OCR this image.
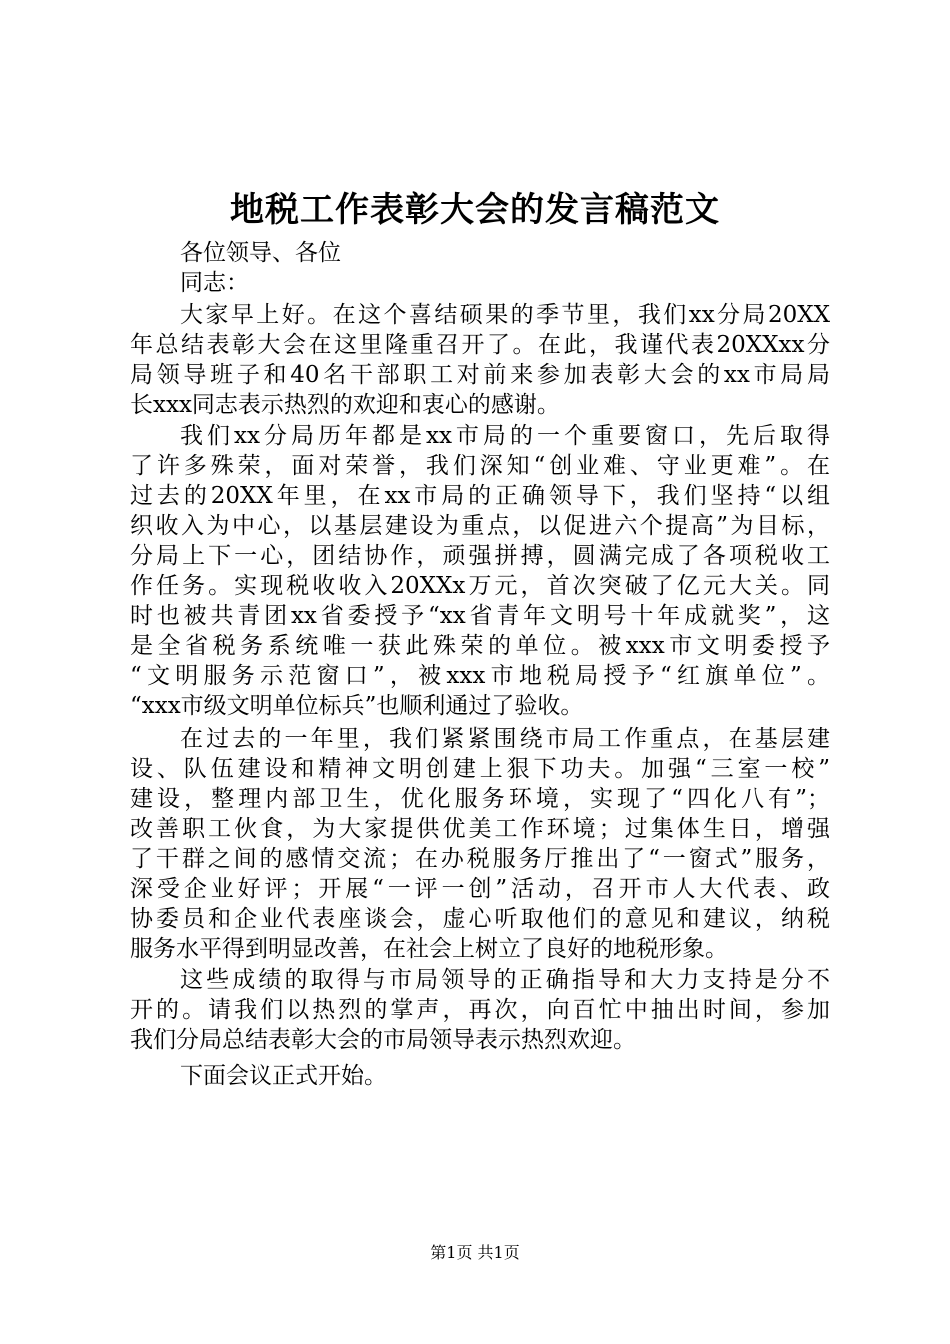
地税工作表彰大会的发言稿范文
各位领导、各位
同志：
大家早上好。在这个喜结硕果的季节里，我们xx分局20XX
年总结表彰大会在这里隆重召开了。在此，我谨代表20XXxx分
局领导班子和40名干部职工对前来参加表彰大会的xx市局局
长xxx同志表示热烈的欢迎和衷心的感谢。
我们xx分局历年都是xx市局的一个重要窗口，先后取得
了许多殊荣，面对荣誉，我们深知“创业难、守业更难”。在
过去的20XX年里，在xx市局的正确领导下，我们坚持“以组
织收入为中心，以基层建设为重点，以促进六个提高”为目标，
分局上下一心，团结协作，顽强拼搏，圆满完成了各项税收工
作任务。实现税收收入20XXx万元，首次突破了亿元大关。同
时也被共青团xx省委授予“xx省青年文明号十年成就奖”，这
是全省税务系统唯一获此殊荣的单位。被xxx市文明委授予
“文明服务示范窗口”，被xxx市地税局授予“红旗单位”。
“xxx市级文明单位标兵”也顺利通过了验收。
在过去的一年里，我们紧紧围绕市局工作重点，在基层建
设、队伍建设和精神文明创建上狠下功夫。加强“三室一校”
建设，整理内部卫生，优化服务环境，实现了“四化八有”；
改善职工伙食，为大家提供优美工作环境；过集体生日，增强
了干群之间的感情交流；在办税服务厅推出了“一窗式”服务，
深受企业好评；开展“一评一创”活动，召开市人大代表、政
协委员和企业代表座谈会，虚心听取他们的意见和建议，纳税
服务水平得到明显改善，在社会上树立了良好的地税形象。
这些成绩的取得与市局领导的正确指导和大力支持是分不
开的。请我们以热烈的掌声，再次，向百忙中抽出时间，参加
我们分局总结表彰大会的市局领导表示热烈欢迎。
下面会议正式开始。
第1页 共1页
